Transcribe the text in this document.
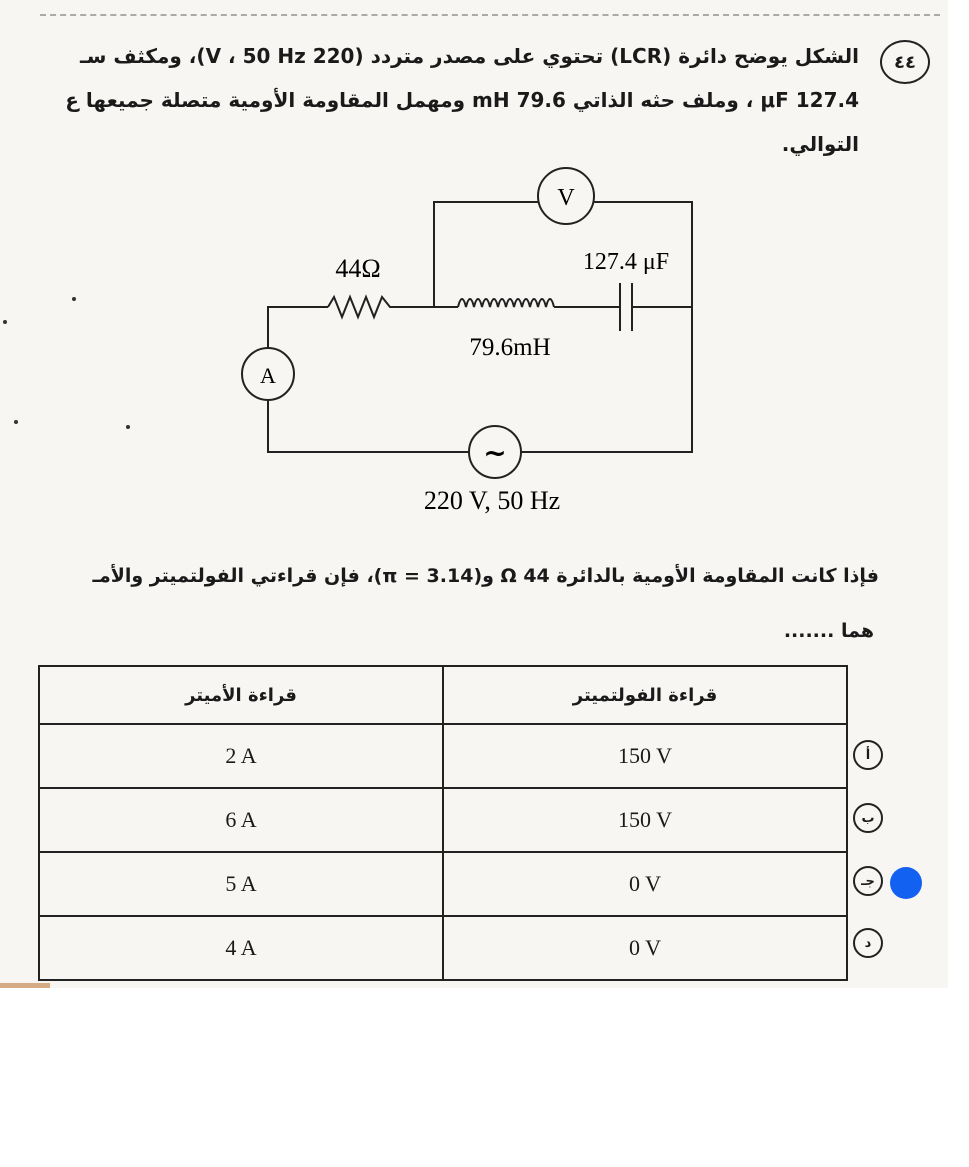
٤٤
الشكل يوضح دائرة (LCR) تحتوي على مصدر متردد (220 V ، 50 Hz)، ومكثف سـ
127.4 μF ، وملف حثه الذاتي 79.6 mH ومهمل المقاومة الأومية متصلة جميعها ع
التوالي.
V
A
~
44Ω	127.4 μF
79.6mH
220 V, 50 Hz
فإذا كانت المقاومة الأومية بالدائرة 44 Ω و(π = 3.14)، فإن قراءتي الفولتميتر والأمـ
هما .......
قراءة الأميتر	قراءة الفولتميتر
2 A	150 V
6 A	150 V
5 A	0 V
4 A	0 V
أ
ب
جـ
د
